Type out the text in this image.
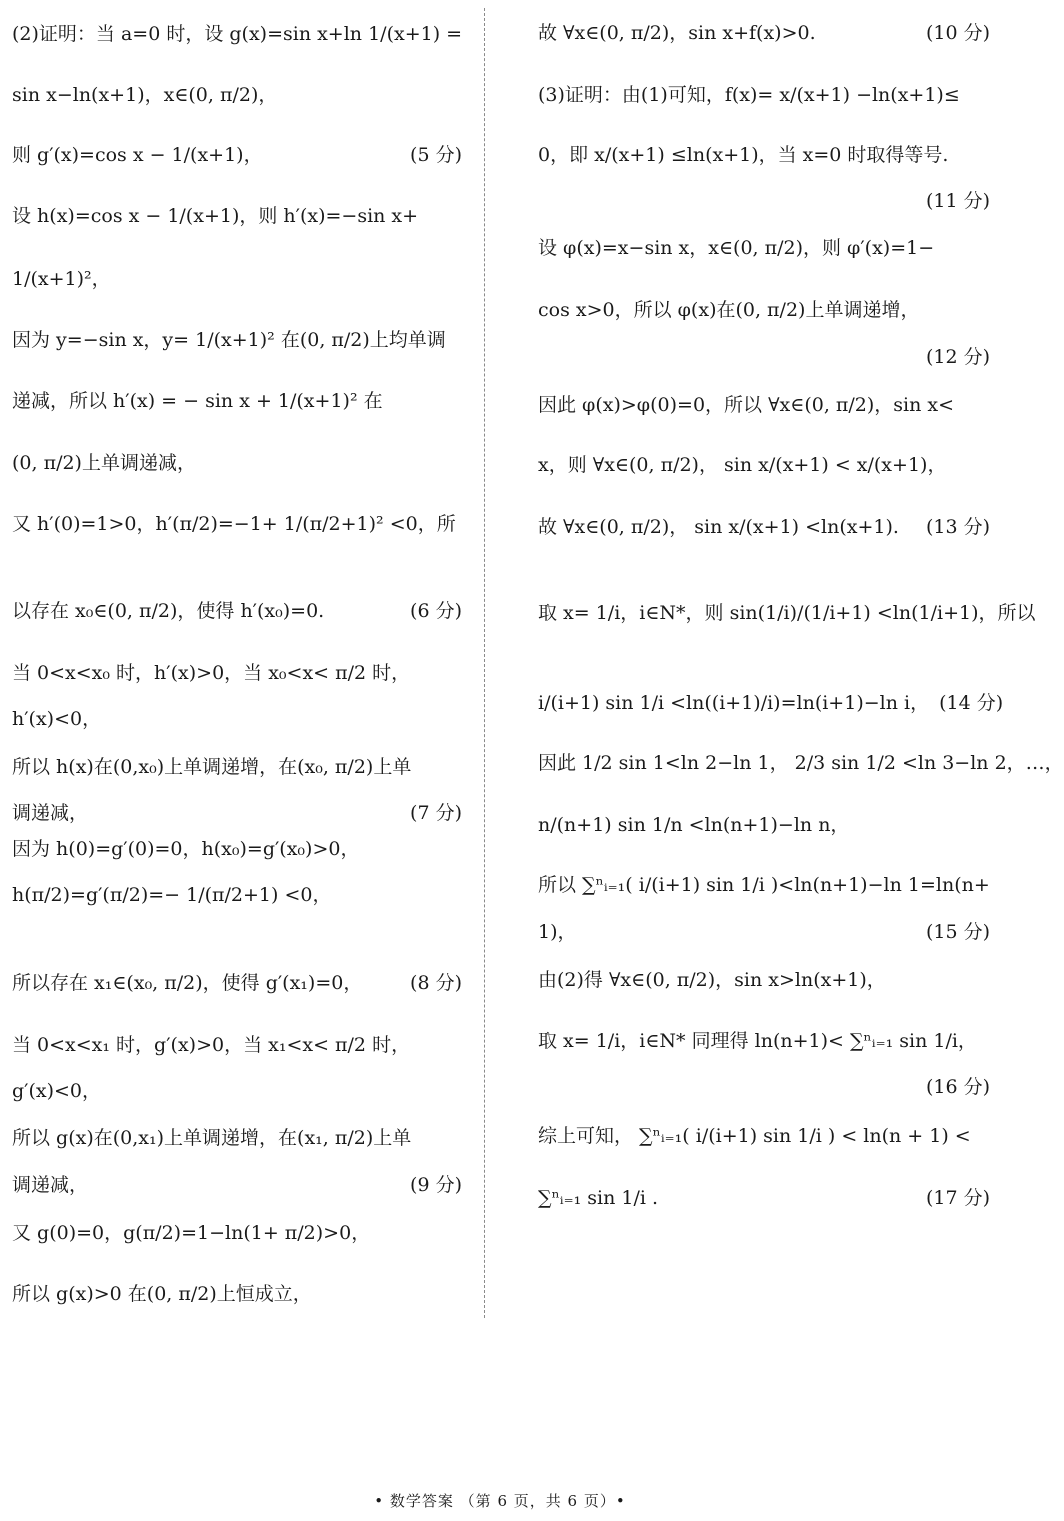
(2)证明：当 a=0 时，设 g(x)=sin x+ln 1/(x+1) =
sin x−ln(x+1)，x∈(0, π/2)，
则 g′(x)=cos x − 1/(x+1)，	(5 分)
设 h(x)=cos x − 1/(x+1)，则 h′(x)=−sin x+
1/(x+1)²，
因为 y=−sin x，y= 1/(x+1)² 在(0, π/2)上均单调
递减，所以 h′(x) = − sin x + 1/(x+1)² 在
(0, π/2)上单调递减，
又 h′(0)=1>0，h′(π/2)=−1+ 1/(π/2+1)² <0，所
以存在 x₀∈(0, π/2)，使得 h′(x₀)=0.	(6 分)
当 0<x<x₀ 时，h′(x)>0，当 x₀<x< π/2 时，
h′(x)<0，
所以 h(x)在(0,x₀)上单调递增，在(x₀, π/2)上单
调递减，	(7 分)
因为 h(0)=g′(0)=0，h(x₀)=g′(x₀)>0，
h(π/2)=g′(π/2)=− 1/(π/2+1) <0，
所以存在 x₁∈(x₀, π/2)，使得 g′(x₁)=0，	(8 分)
当 0<x<x₁ 时，g′(x)>0，当 x₁<x< π/2 时，
g′(x)<0，
所以 g(x)在(0,x₁)上单调递增，在(x₁, π/2)上单
调递减，	(9 分)
又 g(0)=0，g(π/2)=1−ln(1+ π/2)>0，
所以 g(x)>0 在(0, π/2)上恒成立，
故 ∀x∈(0, π/2)，sin x+f(x)>0.	(10 分)
(3)证明：由(1)可知，f(x)= x/(x+1) −ln(x+1)≤
0，即 x/(x+1) ≤ln(x+1)，当 x=0 时取得等号.
(11 分)
设 φ(x)=x−sin x，x∈(0, π/2)，则 φ′(x)=1−
cos x>0，所以 φ(x)在(0, π/2)上单调递增，
(12 分)
因此 φ(x)>φ(0)=0，所以 ∀x∈(0, π/2)，sin x<
x，则 ∀x∈(0, π/2)， sin x/(x+1) < x/(x+1)，
故 ∀x∈(0, π/2)， sin x/(x+1) <ln(x+1).	(13 分)
取 x= 1/i，i∈N*，则 sin(1/i)/(1/i+1) <ln(1/i+1)，所以
i/(i+1) sin 1/i <ln((i+1)/i)=ln(i+1)−ln i， (14 分)
因此 1/2 sin 1<ln 2−ln 1， 2/3 sin 1/2 <ln 3−ln 2，…，
n/(n+1) sin 1/n <ln(n+1)−ln n，
所以 ∑ⁿᵢ₌₁( i/(i+1) sin 1/i )<ln(n+1)−ln 1=ln(n+
1)，	(15 分)
由(2)得 ∀x∈(0, π/2)，sin x>ln(x+1)，
取 x= 1/i，i∈N* 同理得 ln(n+1)< ∑ⁿᵢ₌₁ sin 1/i，
(16 分)
综上可知， ∑ⁿᵢ₌₁( i/(i+1) sin 1/i ) < ln(n + 1) <
∑ⁿᵢ₌₁ sin 1/i .	(17 分)
• 数学答案 （第 6 页，共 6 页）•
